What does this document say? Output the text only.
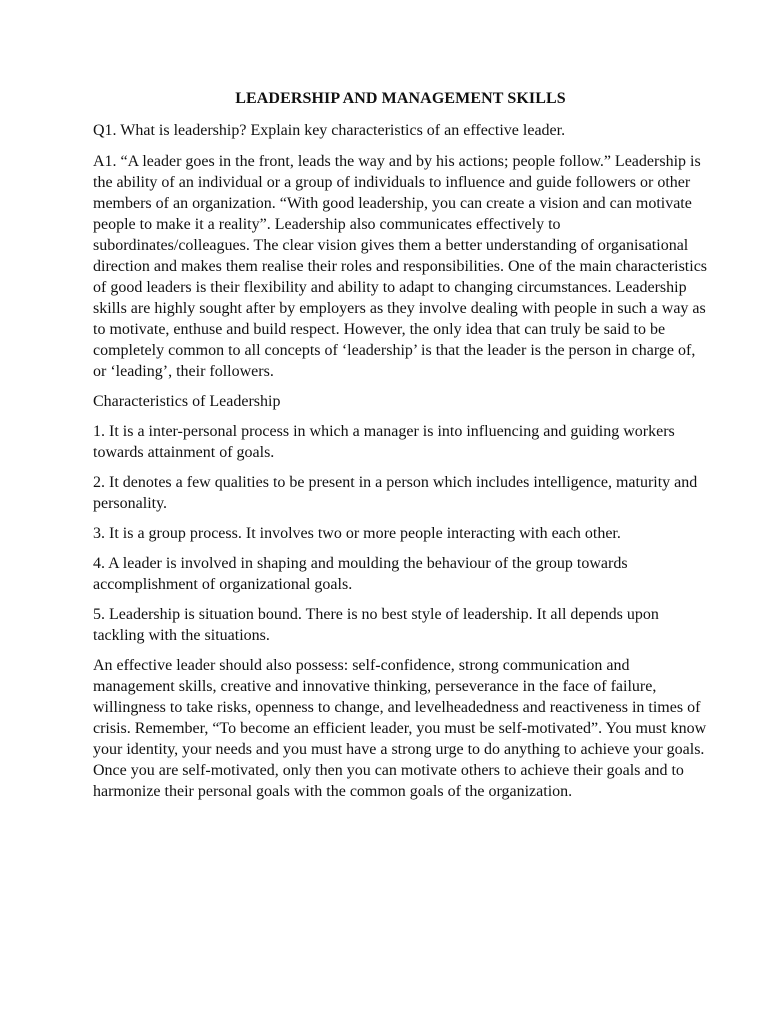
LEADERSHIP AND MANAGEMENT SKILLS
Q1. What is leadership? Explain key characteristics of an effective leader.
A1. “A leader goes in the front, leads the way and by his actions; people follow.” Leadership is the ability of an individual or a group of individuals to influence and guide followers or other members of an organization. “With good leadership, you can create a vision and can motivate people to make it a reality”. Leadership also communicates effectively to subordinates/colleagues. The clear vision gives them a better understanding of organisational direction and makes them realise their roles and responsibilities. One of the main characteristics of good leaders is their flexibility and ability to adapt to changing circumstances. Leadership skills are highly sought after by employers as they involve dealing with people in such a way as to motivate, enthuse and build respect. However, the only idea that can truly be said to be completely common to all concepts of ‘leadership’ is that the leader is the person in charge of, or ‘leading’, their followers.
Characteristics of Leadership
1. It is a inter-personal process in which a manager is into influencing and guiding workers towards attainment of goals.
2. It denotes a few qualities to be present in a person which includes intelligence, maturity and personality.
3. It is a group process. It involves two or more people interacting with each other.
4. A leader is involved in shaping and moulding the behaviour of the group towards accomplishment of organizational goals.
5. Leadership is situation bound. There is no best style of leadership. It all depends upon tackling with the situations.
An effective leader should also possess: self-confidence, strong communication and management skills, creative and innovative thinking, perseverance in the face of failure, willingness to take risks, openness to change, and levelheadedness and reactiveness in times of crisis. Remember, “To become an efficient leader, you must be self-motivated”. You must know your identity, your needs and you must have a strong urge to do anything to achieve your goals. Once you are self-motivated, only then you can motivate others to achieve their goals and to harmonize their personal goals with the common goals of the organization.
